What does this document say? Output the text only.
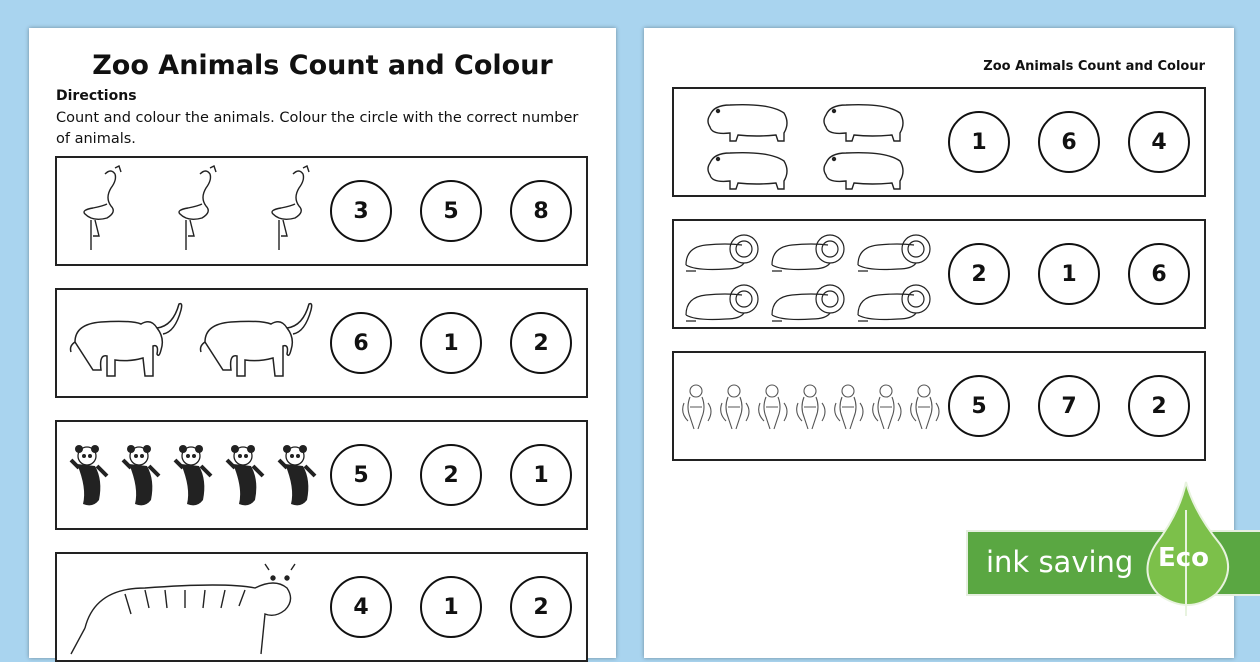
Zoo Animals Count and Colour
Directions
Count and colour the animals. Colour the circle with the correct number of animals.
3	5	8
6	1	2
5	2	1
4	1	2
Zoo Animals Count and Colour
1	6	4
2	1	6
5	7	2
ink saving Eco
